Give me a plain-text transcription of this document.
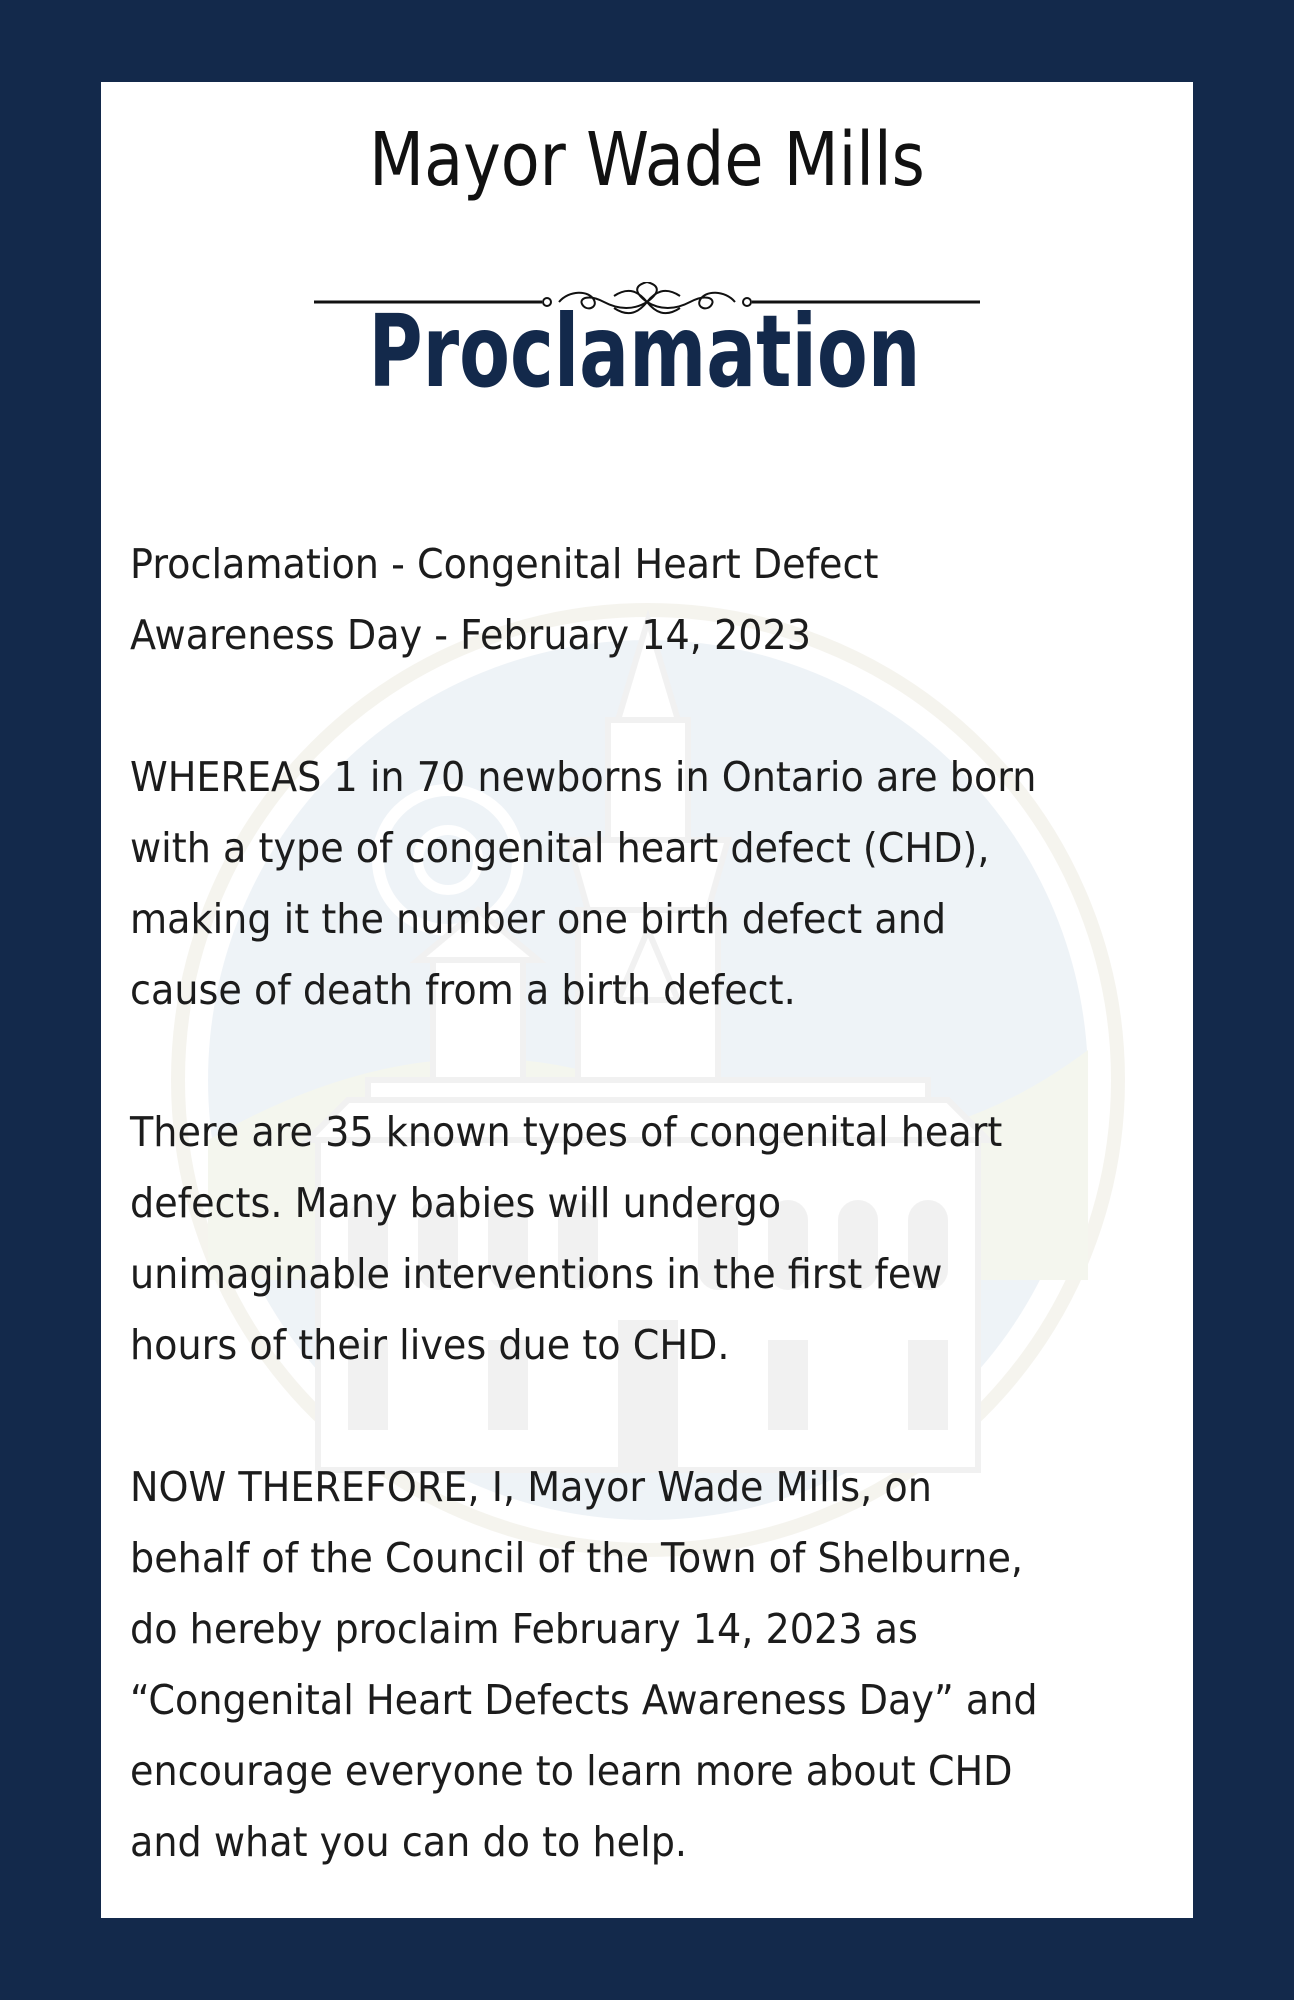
Mayor Wade Mills
Proclamation

Proclamation - Congenital Heart Defect
Awareness Day - February 14, 2023

WHEREAS 1 in 70 newborns in Ontario are born
with a type of congenital heart defect (CHD),
making it the number one birth defect and
cause of death from a birth defect.

There are 35 known types of congenital heart
defects. Many babies will undergo
unimaginable interventions in the first few
hours of their lives due to CHD.

NOW THEREFORE, I, Mayor Wade Mills, on
behalf of the Council of the Town of Shelburne,
do hereby proclaim February 14, 2023 as
“Congenital Heart Defects Awareness Day” and
encourage everyone to learn more about CHD
and what you can do to help.
